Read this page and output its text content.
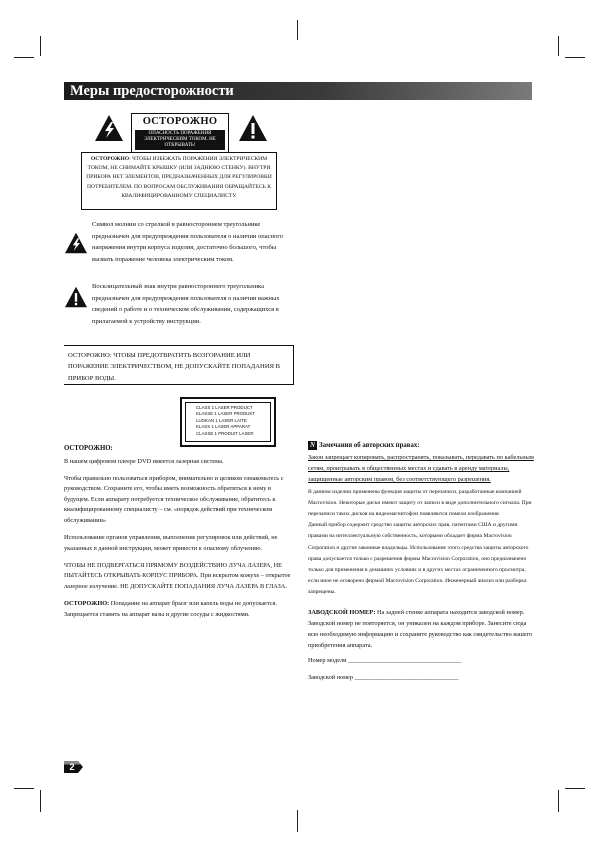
Меры предосторожности
ОСТОРОЖНО
ОПАСНОСТЬ ПОРАЖЕНИЯ ЭЛЕКТРИЧЕСКИМ ТОКОМ. НЕ ОТКРЫВАТЬ!
ОСТОРОЖНО: ЧТОБЫ ИЗБЕЖАТЬ ПОРАЖЕНИЯ ЭЛЕКТРИЧЕСКИМ ТОКОМ, НЕ СНИМАЙТЕ КРЫШКУ (ИЛИ ЗАДНЮЮ СТЕНКУ). ВНУТРИ ПРИБОРА НЕТ ЭЛЕМЕНТОВ, ПРЕДНАЗНАЧЕННЫХ ДЛЯ РЕГУЛИРОВКИ ПОТРЕБИТЕЛЕМ. ПО ВОПРОСАМ ОБСЛУЖИВАНИЯ ОБРАЩАЙТЕСЬ К КВАЛИФИЦИРОВАННОМУ СПЕЦИАЛИСТУ.
Символ молнии со стрелкой в равностороннем треугольнике предназначен для предупреждения пользователя о наличии опасного напряжения внутри корпуса изделия, достаточно большого, чтобы вызвать поражение человека электрическим током.
Восклицательный знак внутри равностороннего треугольника предназначен для предупреждения пользователя о наличии важных сведений о работе и о техническом обслуживании, содержащихся в прилагаемой к устройству инструкции.
ОСТОРОЖНО: ЧТОБЫ ПРЕДОТВРАТИТЬ ВОЗГОРАНИЕ ИЛИ ПОРАЖЕНИЕ ЭЛЕКТРИЧЕСТВОМ, НЕ ДОПУСКАЙТЕ ПОПАДАНИЯ В ПРИБОР ВОДЫ.
CLASS 1 LASER PRODUCT
KLASSE 1 LASER PRODUKT
LUOKAN 1 LASER LAITE
KLASS 1 LASER APPARAT
CLASSE 1 PRODUIT LASER

ОСТОРОЖНО:

В нашем цифровом плеере DVD имеется лазерная система.

Чтобы правильно пользоваться прибором, внимательно и целиком ознакомьтесь с руководством. Сохраните его, чтобы иметь возможность обратиться к нему в будущем. Если аппарату потребуется техническое обслуживание, обратитесь к квалифицированному специалисту – см. «порядок действий при техническом обслуживании»

Использование органов управления, выполнение регулировок или действий, не указанных в данной инструкции, может привести к опасному облучению.

ЧТОБЫ НЕ ПОДВЕРГАТЬСЯ ПРЯМОМУ ВОЗДЕЙСТВИЮ ЛУЧА ЛАЗЕРА, НЕ ПЫТАЙТЕСЬ ОТКРЫВАТЬ КОРПУС ПРИБОРА. При вскрытом кожухе – открытое лазерное излучение. НЕ ДОПУСКАЙТЕ ПОПАДАНИЯ ЛУЧА ЛАЗЕРА В ГЛАЗА.

ОСТОРОЖНО: Попадание на аппарат брызг или капель воды не допускается. Запрещается ставить на аппарат вазы и другие сосуды с жидкостями.

N Замечания об авторских правах:
Закон запрещает копировать, распространять, показывать, передавать по кабельным сетям, проигрывать в общественных местах и сдавать в аренду материалы, защищенные авторским правом, без соответствующего разрешения.
В данном изделии применены функция защиты от перезаписи, разработанные компанией Macrovision. Некоторые диски имеют защиту от записи в виде дополнительного сигнала. При перезаписи таких дисков на видеомагнитофон появляются помехи изображения.
Данный прибор содержит средство защиты авторских прав, патентами США и другими правами на интеллектуальную собственность, которыми обладает фирма Macrovision Corporation и другие законные владельцы. Использование этого средства защиты авторского права допускается только с разрешения фирмы Macrovision Corporation, оно предназначено только для применения в домашних условиях и в других местах ограниченного просмотра, если иное не оговорено фирмой Macrovision Corporation. Инженерный анализ или разборка запрещены.
ЗАВОДСКОЙ НОМЕР: На задней стенке аппарата находится заводской номер. Заводской номер не повторяется, он уникален на каждом приборе. Занесите сюда всю необходимую информацию и сохраните руководство как свидетельство вашего приобретения аппарата.
Номер модели ____________________________________
Заводской номер _________________________________
2
